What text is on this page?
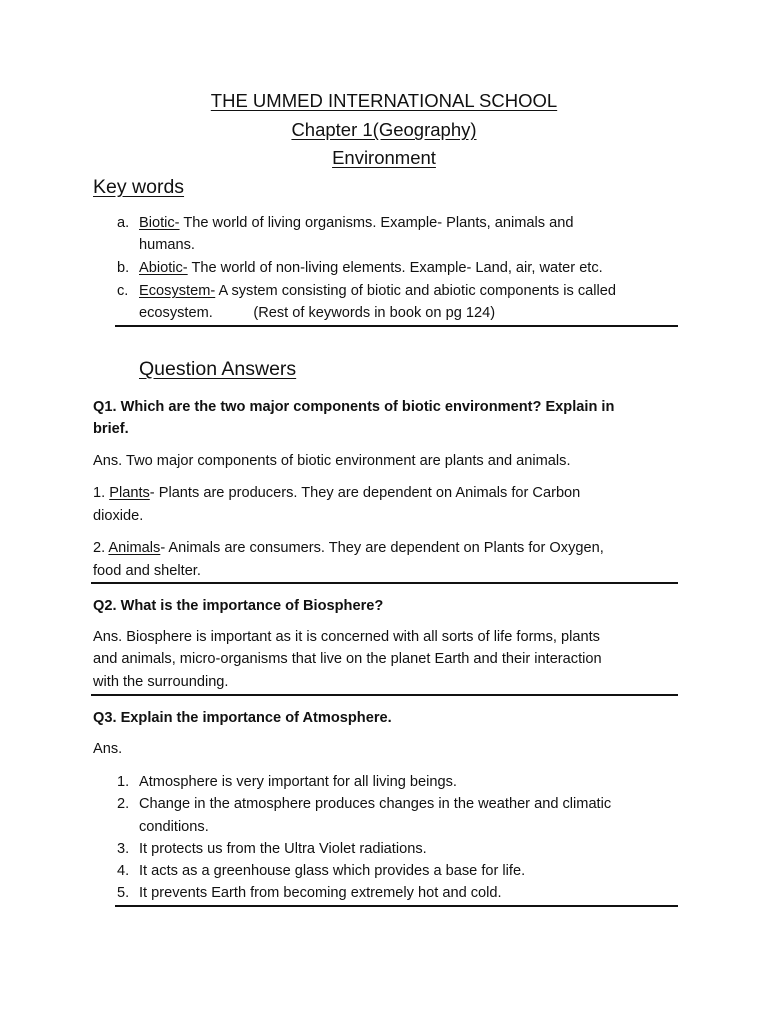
THE UMMED INTERNATIONAL SCHOOL
Chapter 1(Geography)
Environment
Key words
a. Biotic- The world of living organisms. Example- Plants, animals and
humans.
b. Abiotic- The world of non-living elements. Example- Land, air, water etc.
c. Ecosystem- A system consisting of biotic and abiotic components is called
ecosystem.          (Rest of keywords in book on pg 124)
Question Answers
Q1. Which are the two major components of biotic environment? Explain in
brief.
Ans. Two major components of biotic environment are plants and animals.
1. Plants- Plants are producers. They are dependent on Animals for Carbon
dioxide.
2. Animals- Animals are consumers. They are dependent on Plants for Oxygen,
food and shelter.
Q2. What is the importance of Biosphere?
Ans. Biosphere is important as it is concerned with all sorts of life forms, plants
and animals, micro-organisms that live on the planet Earth and their interaction
with the surrounding.
Q3. Explain the importance of Atmosphere.
Ans.
1. Atmosphere is very important for all living beings.
2. Change in the atmosphere produces changes in the weather and climatic
conditions.
3. It protects us from the Ultra Violet radiations.
4. It acts as a greenhouse glass which provides a base for life.
5. It prevents Earth from becoming extremely hot and cold.
